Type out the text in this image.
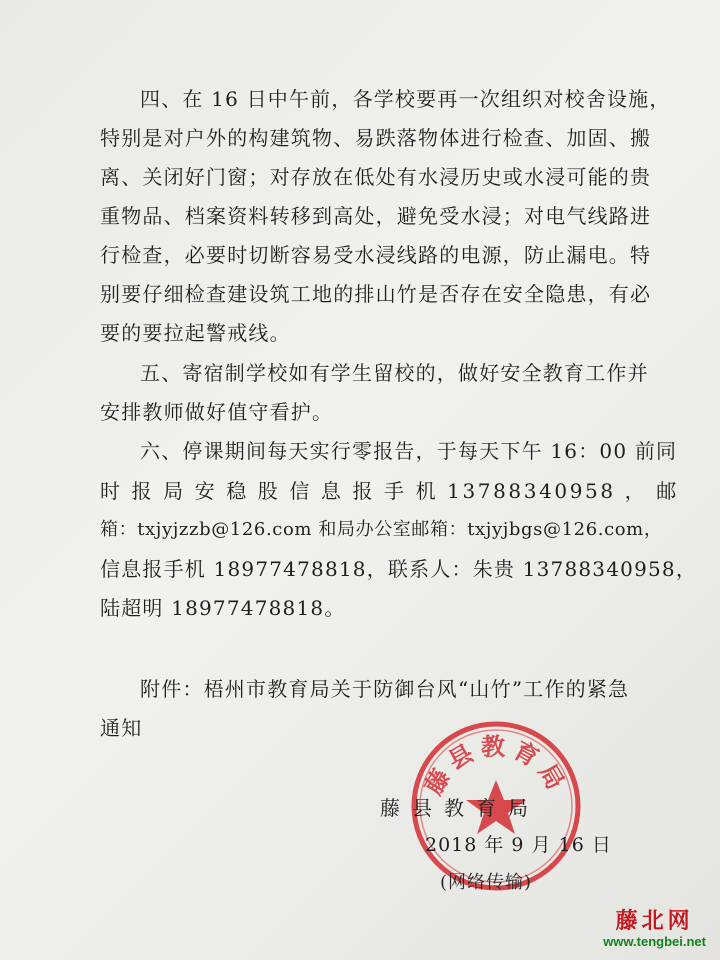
四、在 16 日中午前，各学校要再一次组织对校舍设施，
特别是对户外的构建筑物、易跌落物体进行检查、加固、搬
离、关闭好门窗；对存放在低处有水浸历史或水浸可能的贵
重物品、档案资料转移到高处，避免受水浸；对电气线路进
行检查，必要时切断容易受水浸线路的电源，防止漏电。特
别要仔细检查建设筑工地的排山竹是否存在安全隐患，有必
要的要拉起警戒线。
五、寄宿制学校如有学生留校的，做好安全教育工作并
安排教师做好值守看护。
六、停课期间每天实行零报告，于每天下午 16：00 前同
时 报 局 安 稳 股 信 息 报 手 机 13788340958 ， 邮
箱：txjyjzzb@126.com 和局办公室邮箱：txjyjbgs@126.com，
信息报手机 18977478818，联系人：朱贵 13788340958，
陆超明 18977478818。
附件：梧州市教育局关于防御台风“山竹”工作的紧急
通知
藤县教育局
藤县教育局
2018 年 9 月 16 日
(网络传输)
藤北网
www.tengbei.net
